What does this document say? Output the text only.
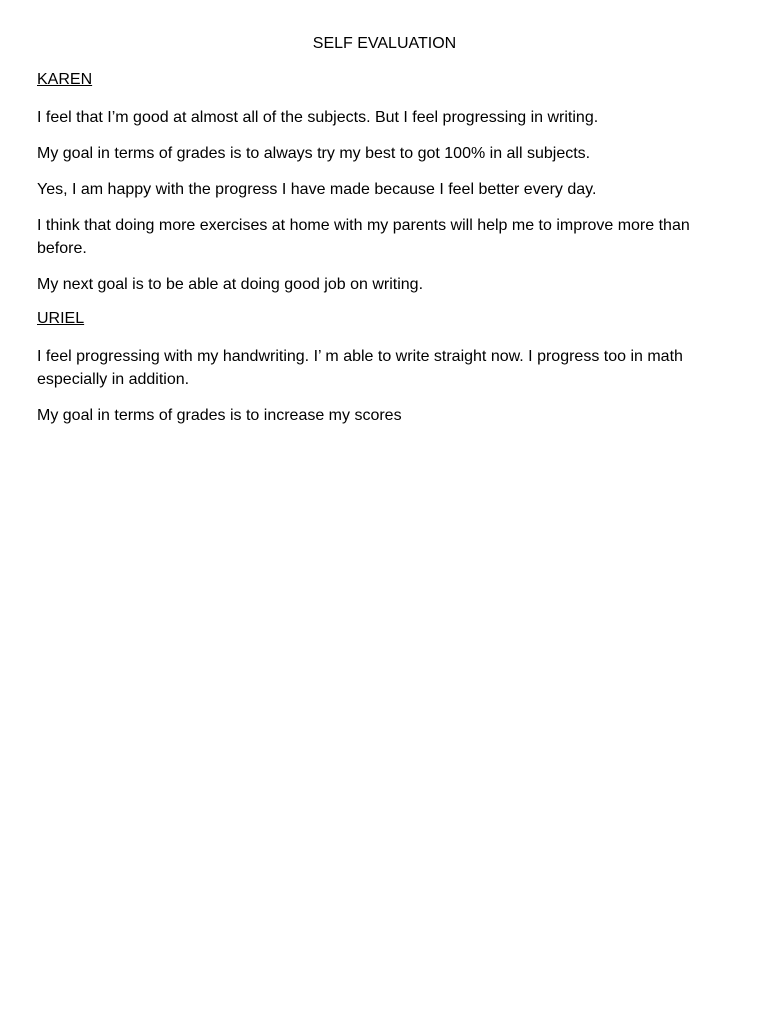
SELF EVALUATION
KAREN

I feel that I’m good at almost all of the subjects. But I feel progressing in writing.

My goal in terms of grades is to always try my best to got 100% in all subjects.

Yes, I am happy with the progress I have made because I feel better every day.

I think that doing more exercises at home with my parents will help me to improve more than before.

My next goal is to be able at doing good job on writing.

URIEL

I feel progressing with my handwriting. I’ m able to write straight now. I progress too in math especially in addition.

My goal in terms of grades is to increase my scores
